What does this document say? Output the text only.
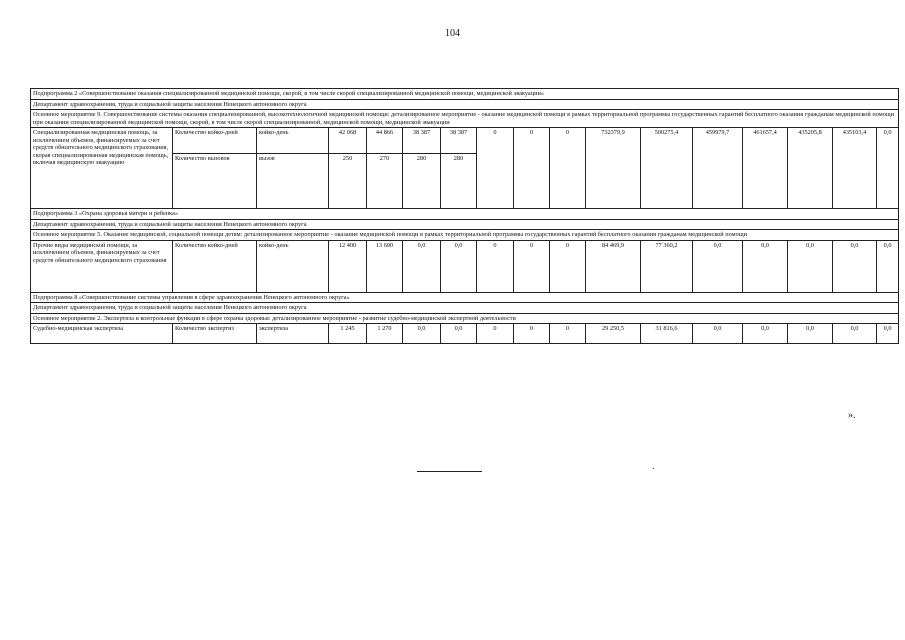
104
Подпрограмма 2 «Совершенствование оказания специализированной медицинской помощи, скорой, в том числе скорой специализированной медицинской помощи, медицинской эвакуации»																
Департамент здравоохранения, труда и социальной защиты населения Ненецкого автономного округа																
Основное мероприятие 9. Совершенствование системы оказания специализированной, высокотехнологичной медицинской помощи: детализированное мероприятие - оказание медицинской помощи в рамках территориальной программы государственных гарантий бесплатного оказания гражданам медицинской помощи при оказании специализированной медицинской помощи, скорой, в том числе скорой специализированной, медицинской помощи, медицинской эвакуации																
Специализированная медицинская помощь, за исключением объемов, финансируемых за счет средств обязательного медицинского страхования, скорая специализированная медицинская помощь, включая медицинскую эвакуацию	Количество койко-дней	койко-день	42 068	44 866	38 387	38 387	0	0	0	732379,9	500275,4	459979,7	461657,4	435205,8	435103,4	0,0
	Количество вызовов	вызов	250	270	280	280										
Подпрограмма 3 «Охрана здоровья матери и ребенка»																
Департамент здравоохранения, труда и социальной защиты населения Ненецкого автономного округа																
Основное мероприятие 5. Оказание медицинской, социальной помощи детям: детализированное мероприятие - оказание медицинской помощи в рамках территориальной программы государственных гарантий бесплатного оказания гражданам медицинской помощи																
Прочие виды медицинской помощи, за исключением объемов, финансируемых за счет средств обязательного медицинского страхования	Количество койко-дней	койко-день	12 400	13 600	0,0	0,0	0	0	0	84 469,9	77 360,2	0,0	0,0	0,0	0,0	0,0
Подпрограмма 8 «Совершенствование системы управления в сфере здравоохранения Ненецкого автономного округа»																
Департамент здравоохранения, труда и социальной защиты населения Ненецкого автономного округа																
Основное мероприятие 2. Экспертиза и контрольные функции в сфере охраны здоровья: детализированное мероприятие - развитие судебно-медицинской экспертной деятельности																
Судебно-медицинская экспертиза	Количество экспертиз	экспертиза	1 245	1 270	0,0	0,0	0	0	0	29 250,5	31 816,6	0,0	0,0	0,0	0,0	0,0
».
